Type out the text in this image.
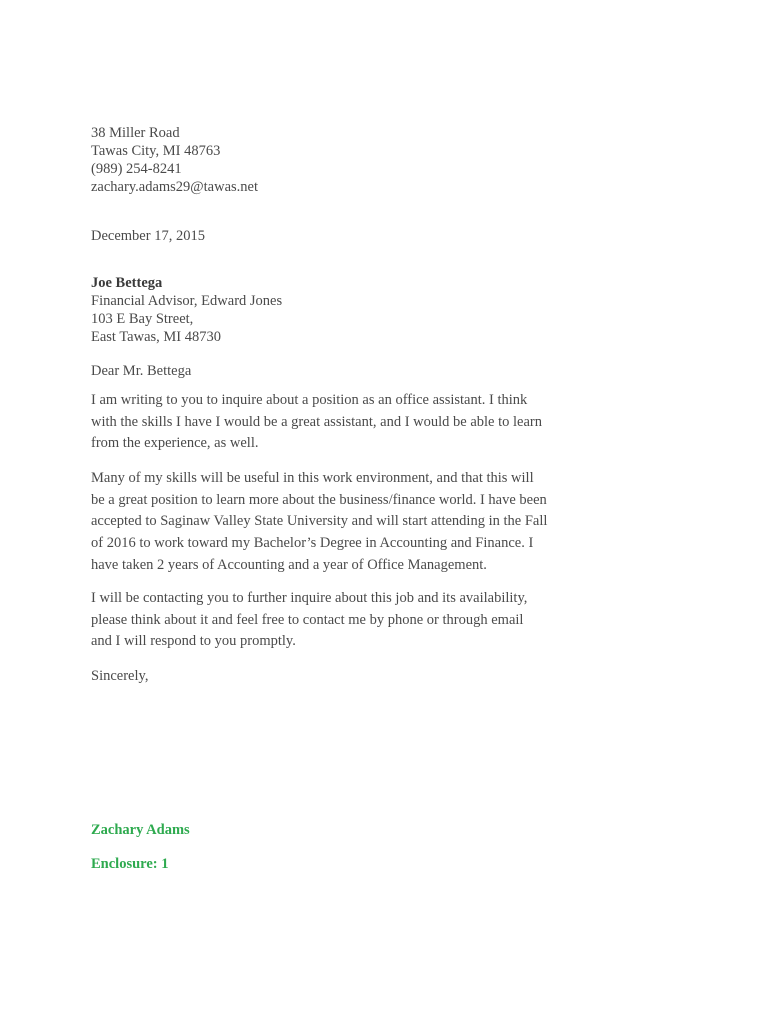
38 Miller Road
Tawas City, MI 48763
(989) 254-8241
zachary.adams29@tawas.net
December 17, 2015
Joe Bettega
Financial Advisor, Edward Jones
103 E Bay Street,
East Tawas, MI 48730
Dear Mr. Bettega
I am writing to you to inquire about a position as an office assistant. I think
with the skills I have I would be a great assistant, and I would be able to learn
from the experience, as well.
Many of my skills will be useful in this work environment, and that this will
be a great position to learn more about the business/finance world. I have been
accepted to Saginaw Valley State University and will start attending in the Fall
of 2016 to work toward my Bachelor’s Degree in Accounting and Finance. I
have taken 2 years of Accounting and a year of Office Management.
I will be contacting you to further inquire about this job and its availability,
please think about it and feel free to contact me by phone or through email
and I will respond to you promptly.
Sincerely,
Zachary Adams
Enclosure: 1
